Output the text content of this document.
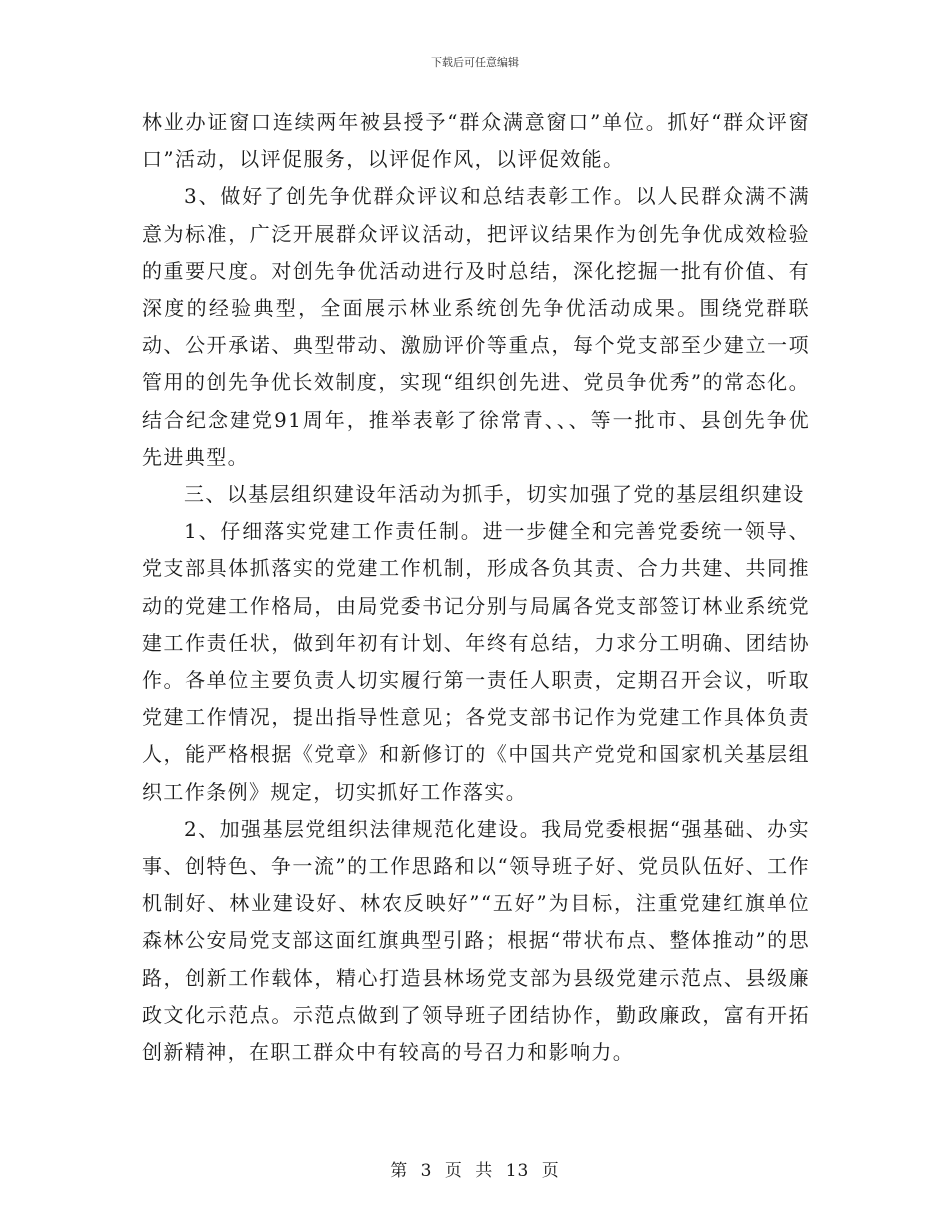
下载后可任意编辑

林业办证窗口连续两年被县授予“群众满意窗口”单位。抓好“群众评窗口”活动，以评促服务，以评促作风，以评促效能。

3、做好了创先争优群众评议和总结表彰工作。以人民群众满不满意为标准，广泛开展群众评议活动，把评议结果作为创先争优成效检验的重要尺度。对创先争优活动进行及时总结，深化挖掘一批有价值、有深度的经验典型，全面展示林业系统创先争优活动成果。围绕党群联动、公开承诺、典型带动、激励评价等重点，每个党支部至少建立一项管用的创先争优长效制度，实现“组织创先进、党员争优秀”的常态化。结合纪念建党91周年，推举表彰了徐常青、、、等一批市、县创先争优先进典型。

三、以基层组织建设年活动为抓手，切实加强了党的基层组织建设

1、仔细落实党建工作责任制。进一步健全和完善党委统一领导、党支部具体抓落实的党建工作机制，形成各负其责、合力共建、共同推动的党建工作格局，由局党委书记分别与局属各党支部签订林业系统党建工作责任状，做到年初有计划、年终有总结，力求分工明确、团结协作。各单位主要负责人切实履行第一责任人职责，定期召开会议，听取党建工作情况，提出指导性意见；各党支部书记作为党建工作具体负责人，能严格根据《党章》和新修订的《中国共产党党和国家机关基层组织工作条例》规定，切实抓好工作落实。

2、加强基层党组织法律规范化建设。我局党委根据“强基础、办实事、创特色、争一流”的工作思路和以“领导班子好、党员队伍好、工作机制好、林业建设好、林农反映好”“五好”为目标，注重党建红旗单位森林公安局党支部这面红旗典型引路；根据“带状布点、整体推动”的思路，创新工作载体，精心打造县林场党支部为县级党建示范点、县级廉政文化示范点。示范点做到了领导班子团结协作，勤政廉政，富有开拓创新精神，在职工群众中有较高的号召力和影响力。

第 3 页 共 13 页
